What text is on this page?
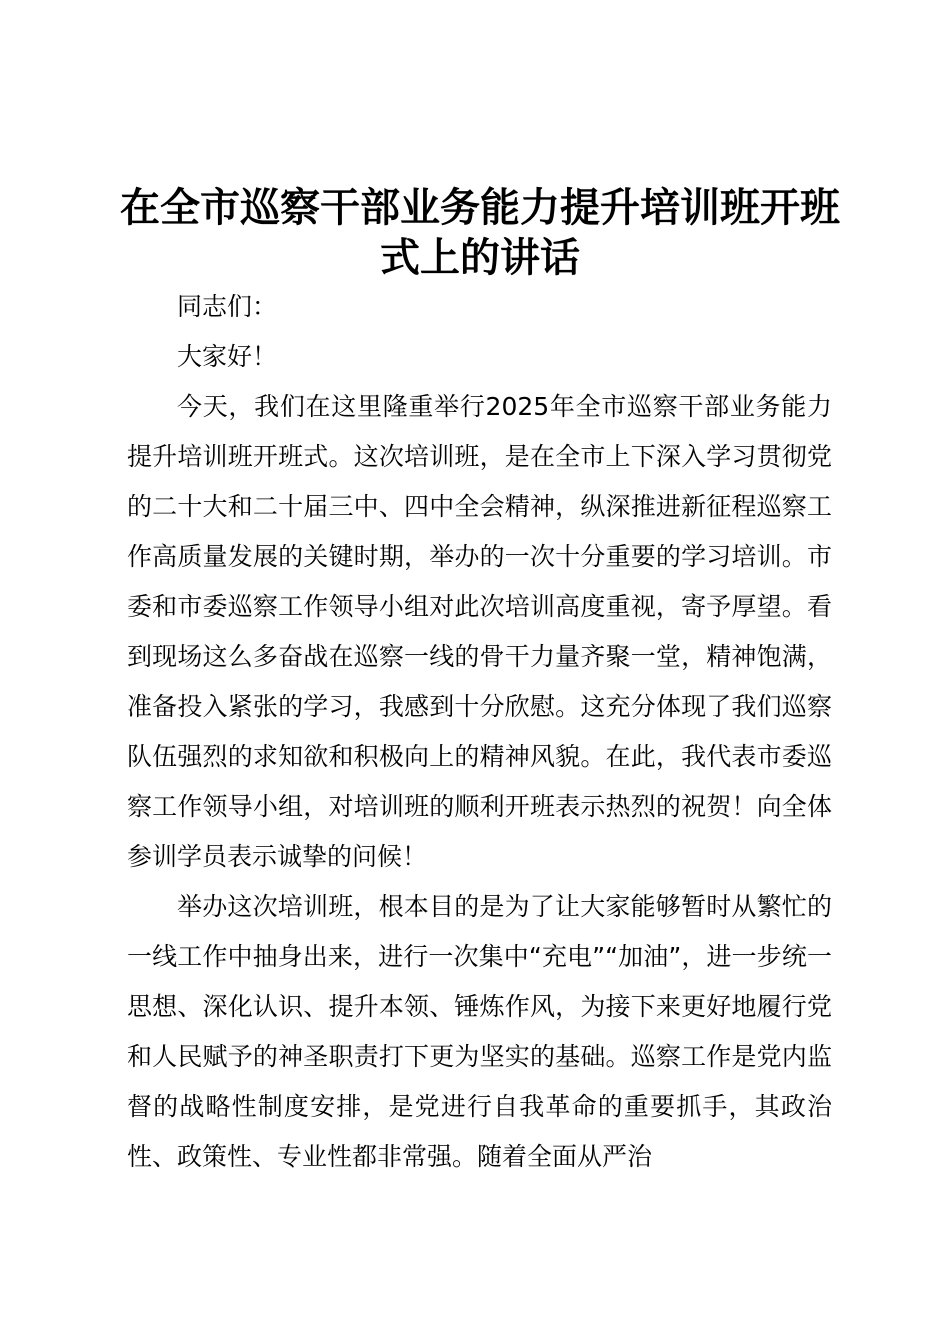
在全市巡察干部业务能力提升培训班开班式上的讲话

同志们：

大家好！

今天，我们在这里隆重举行2025年全市巡察干部业务能力提升培训班开班式。这次培训班，是在全市上下深入学习贯彻党的二十大和二十届三中、四中全会精神，纵深推进新征程巡察工作高质量发展的关键时期，举办的一次十分重要的学习培训。市委和市委巡察工作领导小组对此次培训高度重视，寄予厚望。看到现场这么多奋战在巡察一线的骨干力量齐聚一堂，精神饱满，准备投入紧张的学习，我感到十分欣慰。这充分体现了我们巡察队伍强烈的求知欲和积极向上的精神风貌。在此，我代表市委巡察工作领导小组，对培训班的顺利开班表示热烈的祝贺！向全体参训学员表示诚挚的问候！

举办这次培训班，根本目的是为了让大家能够暂时从繁忙的一线工作中抽身出来，进行一次集中“充电”“加油”，进一步统一思想、深化认识、提升本领、锤炼作风，为接下来更好地履行党和人民赋予的神圣职责打下更为坚实的基础。巡察工作是党内监督的战略性制度安排，是党进行自我革命的重要抓手，其政治性、政策性、专业性都非常强。随着全面从严治
